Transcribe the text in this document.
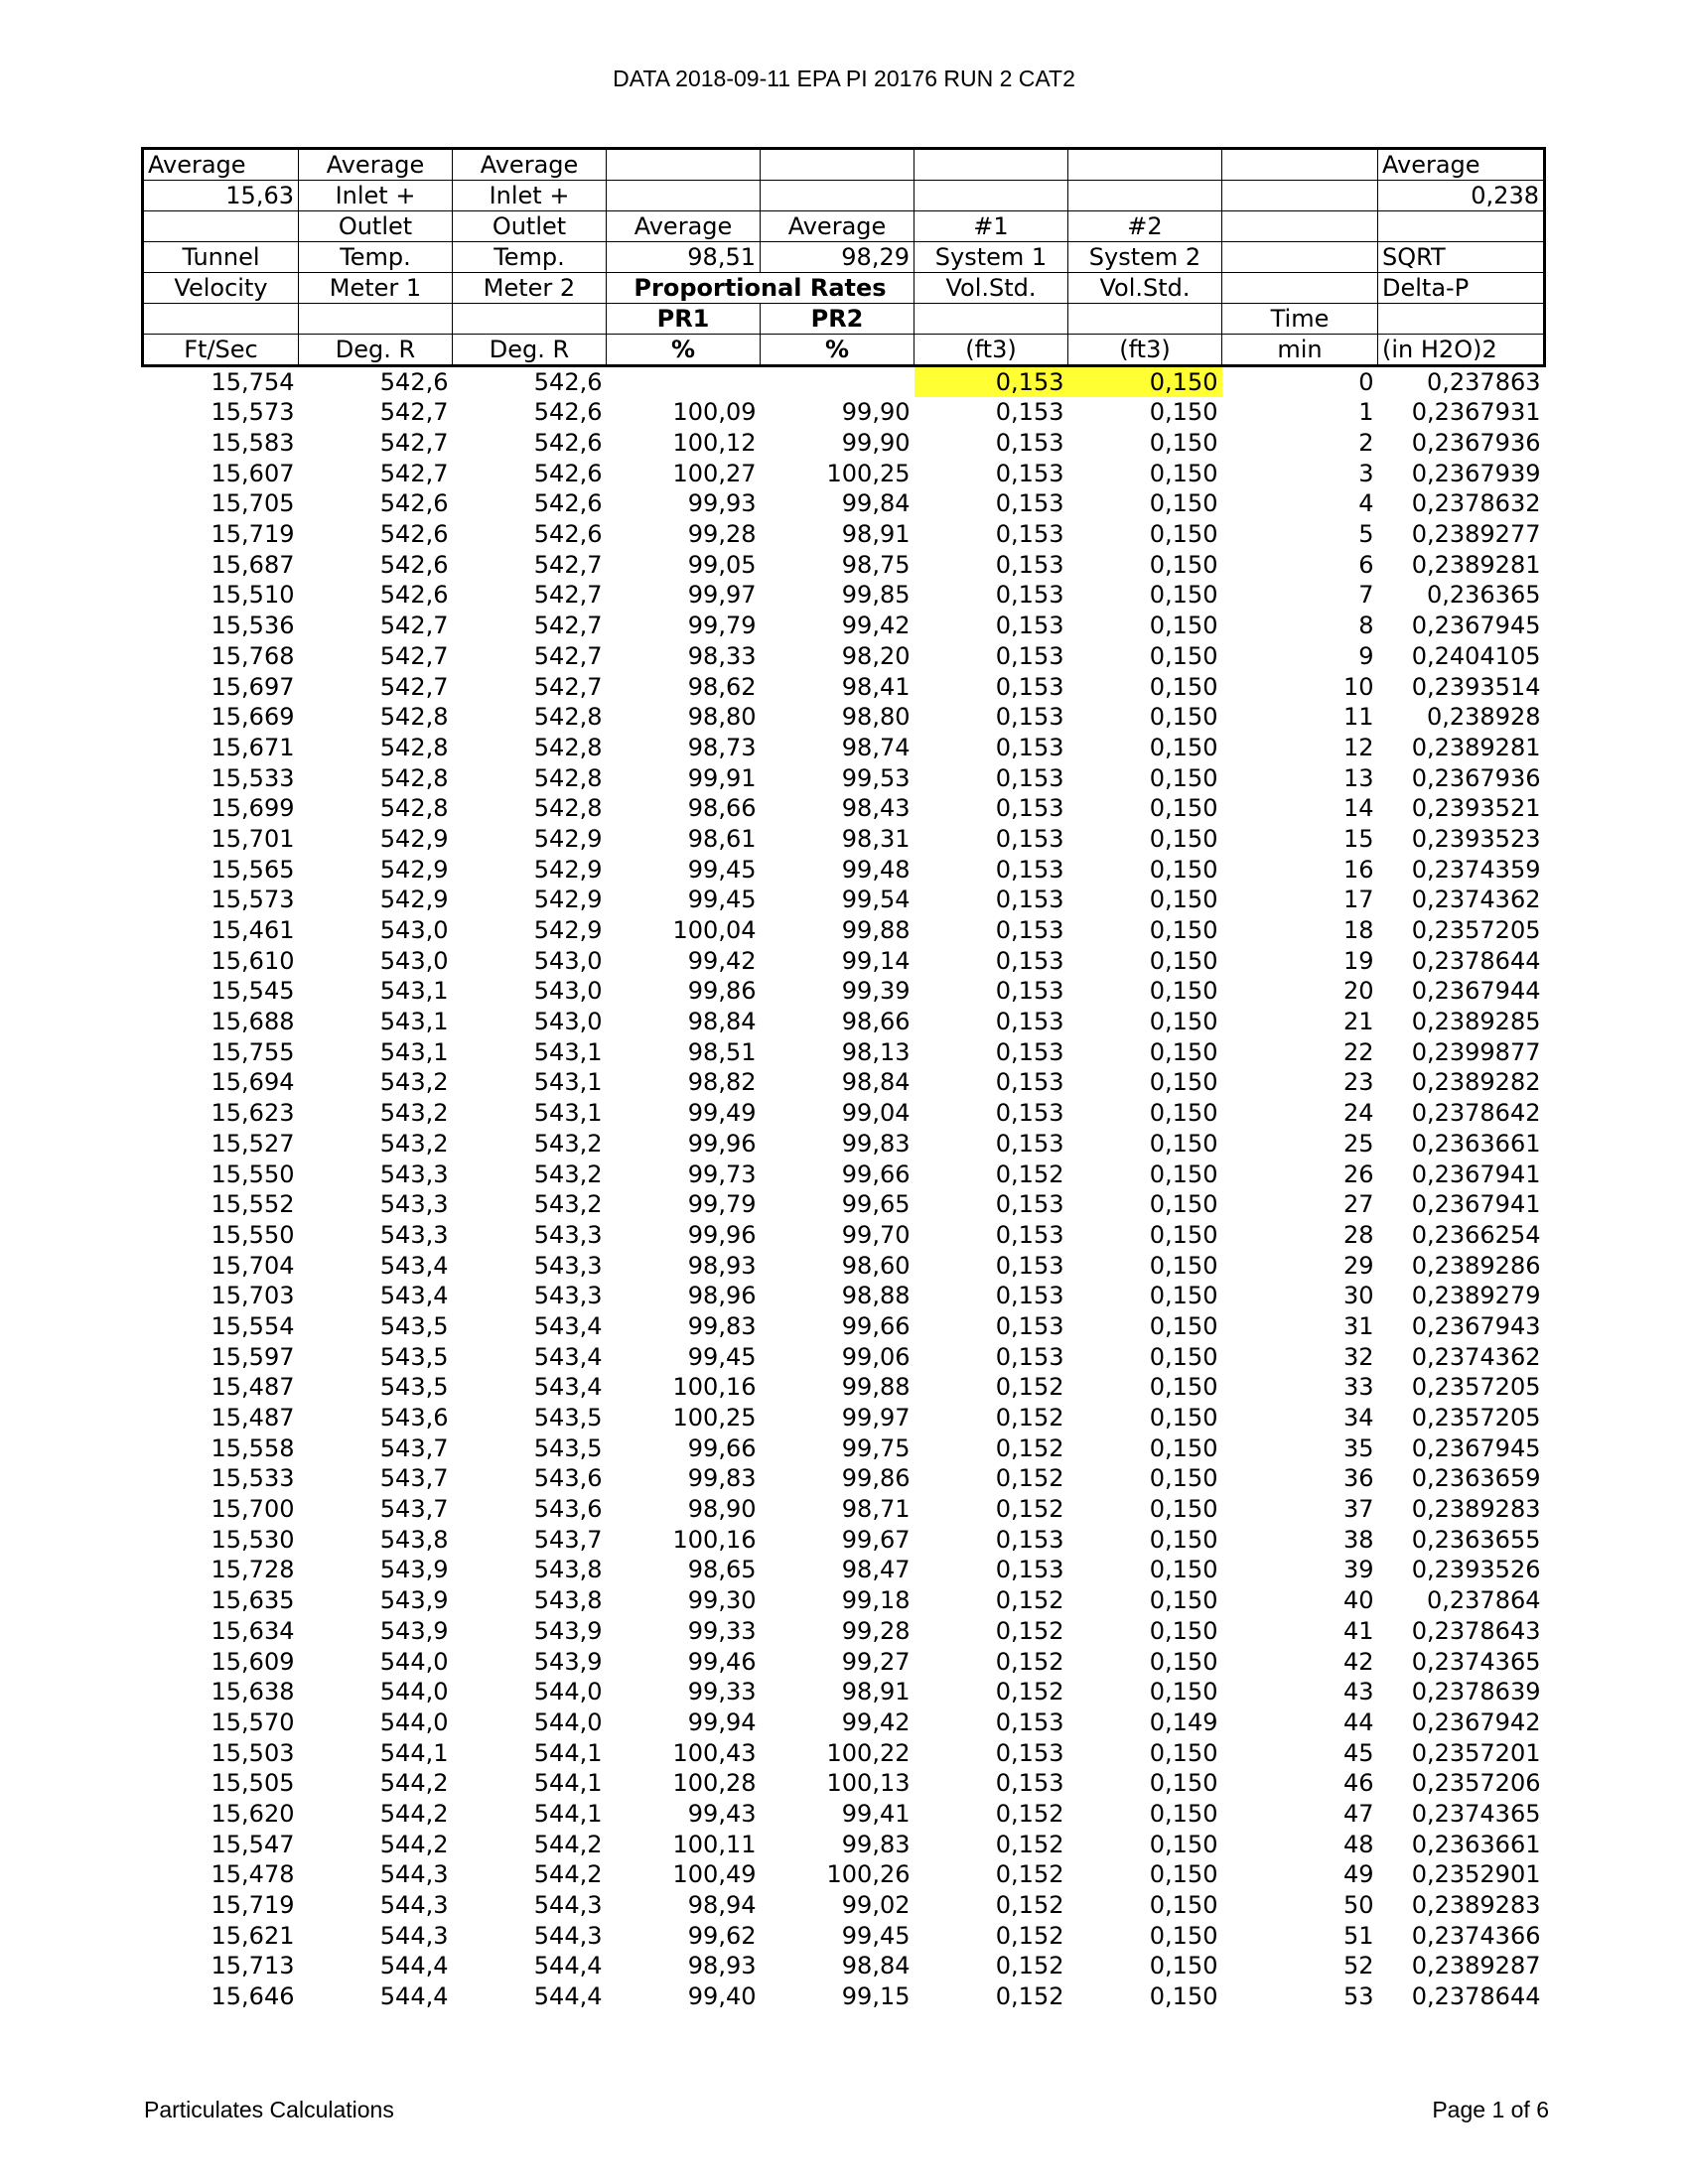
DATA 2018-09-11 EPA PI 20176 RUN 2 CAT2
Average	Average	Average						Average
15,63	Inlet +	Inlet +						0,238
	Outlet	Outlet	Average	Average	#1	#2		
Tunnel	Temp.	Temp.	98,51	98,29	System 1	System 2		SQRT
Velocity	Meter 1	Meter 2	Proportional Rates		Vol.Std.	Vol.Std.		Delta-P
			PR1	PR2			Time	
Ft/Sec	Deg. R	Deg. R	%	%	(ft3)	(ft3)	min	(in H2O)2
15,754	542,6	542,6			0,153	0,150	0	0,237863
15,573	542,7	542,6	100,09	99,90	0,153	0,150	1	0,2367931
15,583	542,7	542,6	100,12	99,90	0,153	0,150	2	0,2367936
15,607	542,7	542,6	100,27	100,25	0,153	0,150	3	0,2367939
15,705	542,6	542,6	99,93	99,84	0,153	0,150	4	0,2378632
15,719	542,6	542,6	99,28	98,91	0,153	0,150	5	0,2389277
15,687	542,6	542,7	99,05	98,75	0,153	0,150	6	0,2389281
15,510	542,6	542,7	99,97	99,85	0,153	0,150	7	0,236365
15,536	542,7	542,7	99,79	99,42	0,153	0,150	8	0,2367945
15,768	542,7	542,7	98,33	98,20	0,153	0,150	9	0,2404105
15,697	542,7	542,7	98,62	98,41	0,153	0,150	10	0,2393514
15,669	542,8	542,8	98,80	98,80	0,153	0,150	11	0,238928
15,671	542,8	542,8	98,73	98,74	0,153	0,150	12	0,2389281
15,533	542,8	542,8	99,91	99,53	0,153	0,150	13	0,2367936
15,699	542,8	542,8	98,66	98,43	0,153	0,150	14	0,2393521
15,701	542,9	542,9	98,61	98,31	0,153	0,150	15	0,2393523
15,565	542,9	542,9	99,45	99,48	0,153	0,150	16	0,2374359
15,573	542,9	542,9	99,45	99,54	0,153	0,150	17	0,2374362
15,461	543,0	542,9	100,04	99,88	0,153	0,150	18	0,2357205
15,610	543,0	543,0	99,42	99,14	0,153	0,150	19	0,2378644
15,545	543,1	543,0	99,86	99,39	0,153	0,150	20	0,2367944
15,688	543,1	543,0	98,84	98,66	0,153	0,150	21	0,2389285
15,755	543,1	543,1	98,51	98,13	0,153	0,150	22	0,2399877
15,694	543,2	543,1	98,82	98,84	0,153	0,150	23	0,2389282
15,623	543,2	543,1	99,49	99,04	0,153	0,150	24	0,2378642
15,527	543,2	543,2	99,96	99,83	0,153	0,150	25	0,2363661
15,550	543,3	543,2	99,73	99,66	0,152	0,150	26	0,2367941
15,552	543,3	543,2	99,79	99,65	0,153	0,150	27	0,2367941
15,550	543,3	543,3	99,96	99,70	0,153	0,150	28	0,2366254
15,704	543,4	543,3	98,93	98,60	0,153	0,150	29	0,2389286
15,703	543,4	543,3	98,96	98,88	0,153	0,150	30	0,2389279
15,554	543,5	543,4	99,83	99,66	0,153	0,150	31	0,2367943
15,597	543,5	543,4	99,45	99,06	0,153	0,150	32	0,2374362
15,487	543,5	543,4	100,16	99,88	0,152	0,150	33	0,2357205
15,487	543,6	543,5	100,25	99,97	0,152	0,150	34	0,2357205
15,558	543,7	543,5	99,66	99,75	0,152	0,150	35	0,2367945
15,533	543,7	543,6	99,83	99,86	0,152	0,150	36	0,2363659
15,700	543,7	543,6	98,90	98,71	0,152	0,150	37	0,2389283
15,530	543,8	543,7	100,16	99,67	0,153	0,150	38	0,2363655
15,728	543,9	543,8	98,65	98,47	0,153	0,150	39	0,2393526
15,635	543,9	543,8	99,30	99,18	0,152	0,150	40	0,237864
15,634	543,9	543,9	99,33	99,28	0,152	0,150	41	0,2378643
15,609	544,0	543,9	99,46	99,27	0,152	0,150	42	0,2374365
15,638	544,0	544,0	99,33	98,91	0,152	0,150	43	0,2378639
15,570	544,0	544,0	99,94	99,42	0,153	0,149	44	0,2367942
15,503	544,1	544,1	100,43	100,22	0,153	0,150	45	0,2357201
15,505	544,2	544,1	100,28	100,13	0,153	0,150	46	0,2357206
15,620	544,2	544,1	99,43	99,41	0,152	0,150	47	0,2374365
15,547	544,2	544,2	100,11	99,83	0,152	0,150	48	0,2363661
15,478	544,3	544,2	100,49	100,26	0,152	0,150	49	0,2352901
15,719	544,3	544,3	98,94	99,02	0,152	0,150	50	0,2389283
15,621	544,3	544,3	99,62	99,45	0,152	0,150	51	0,2374366
15,713	544,4	544,4	98,93	98,84	0,152	0,150	52	0,2389287
15,646	544,4	544,4	99,40	99,15	0,152	0,150	53	0,2378644
Particulates Calculations	Page 1 of 6
